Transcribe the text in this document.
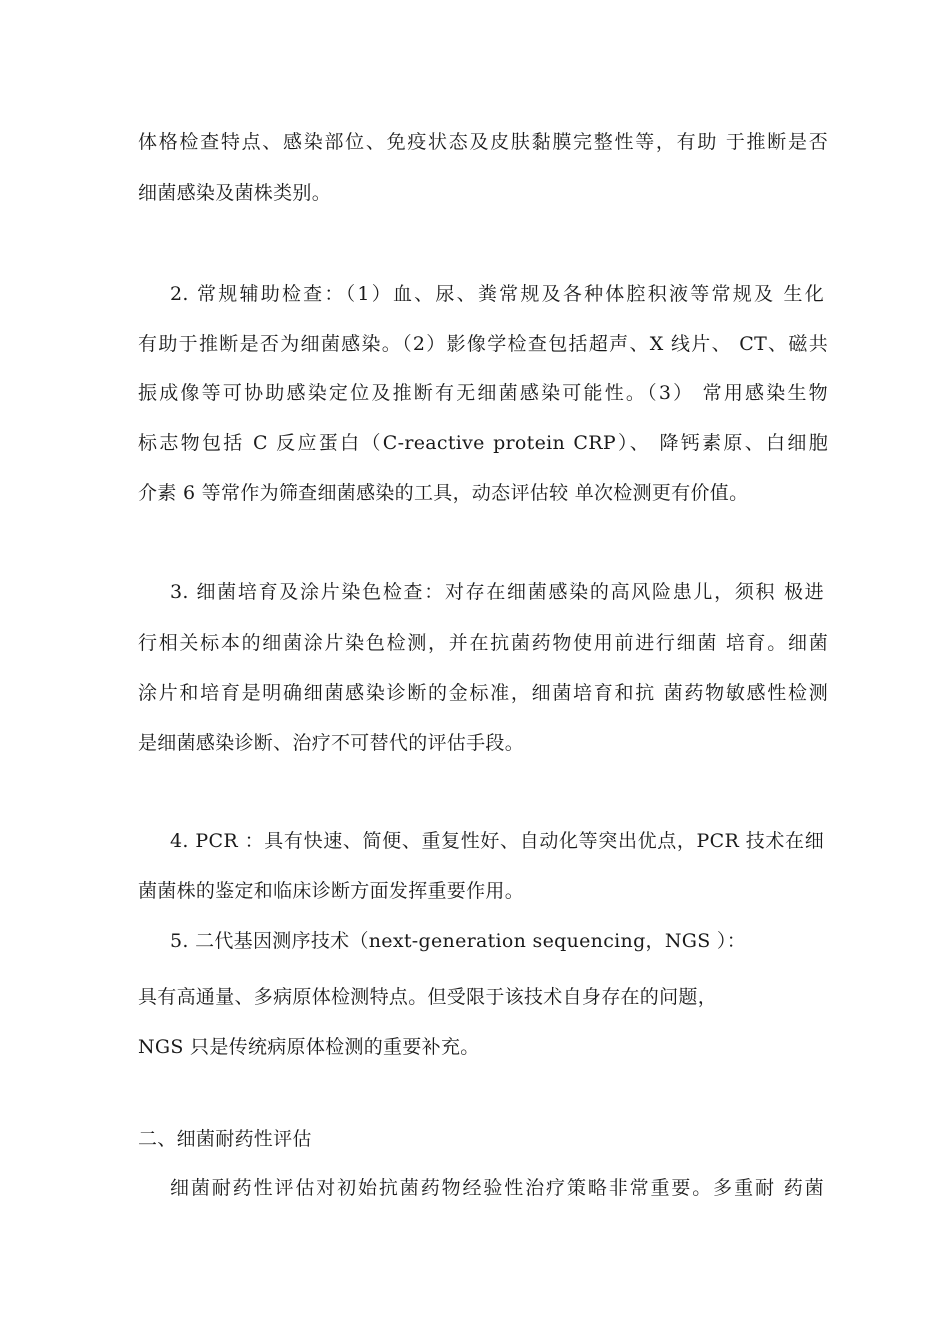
体格检查特点、感染部位、免疫状态及皮肤黏膜完整性等，有助 于推断是否
细菌感染及菌株类别。
2. 常规辅助检查：（1）血、尿、粪常规及各种体腔积液等常规及 生化
有助于推断是否为细菌感染。（2）影像学检查包括超声、X 线片、 CT、磁共
振成像等可协助感染定位及推断有无细菌感染可能性。（3） 常用感染生物
标志物包括 C 反应蛋白（C-reactive protein CRP）、 降钙素原、白细胞
介素 6 等常作为筛查细菌感染的工具，动态评估较 单次检测更有价值。
3. 细菌培育及涂片染色检查：对存在细菌感染的高风险患儿，须积 极进
行相关标本的细菌涂片染色检测，并在抗菌药物使用前进行细菌 培育。细菌
涂片和培育是明确细菌感染诊断的金标准，细菌培育和抗 菌药物敏感性检测
是细菌感染诊断、治疗不可替代的评估手段。
4. PCR ：具有快速、简便、重复性好、自动化等突出优点，PCR 技术在细
菌菌株的鉴定和临床诊断方面发挥重要作用。
5. 二代基因测序技术（next-generation sequencing，NGS ）：
具有高通量、多病原体检测特点。但受限于该技术自身存在的问题，
NGS 只是传统病原体检测的重要补充。
二、细菌耐药性评估
细菌耐药性评估对初始抗菌药物经验性治疗策略非常重要。多重耐 药菌
